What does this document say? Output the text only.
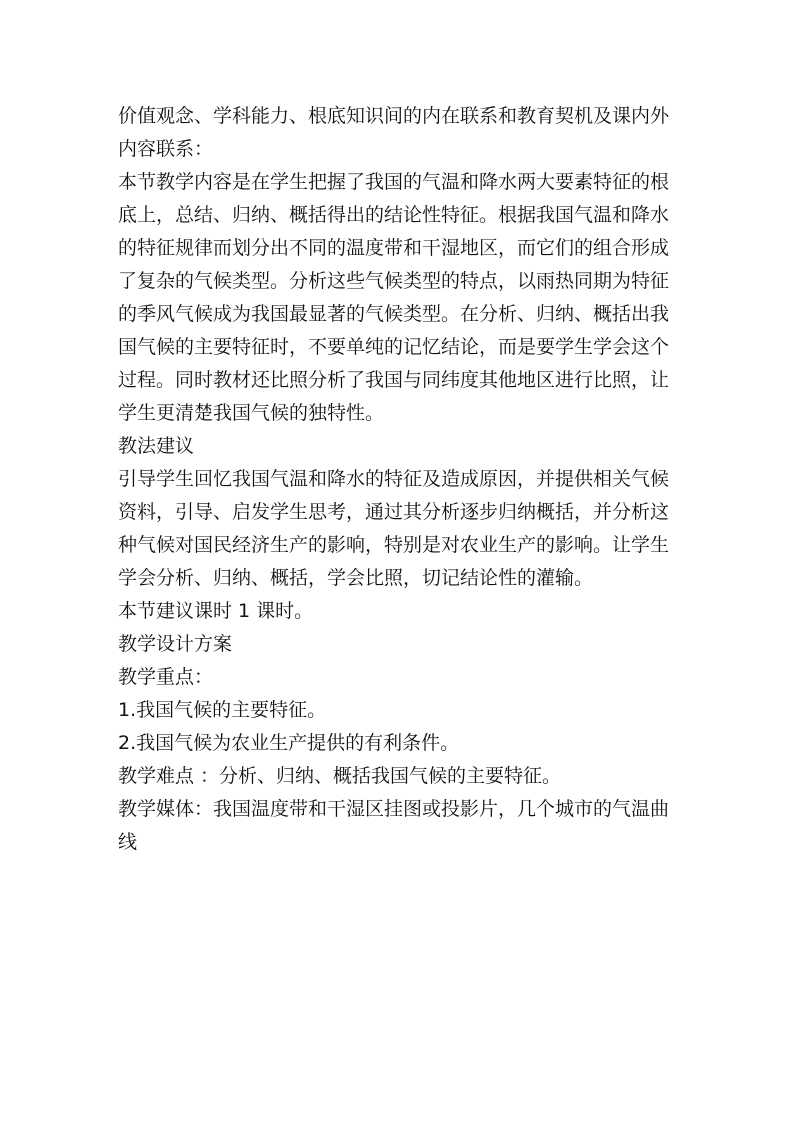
价值观念、学科能力、根底知识间的内在联系和教育契机及课内外内容联系：

本节教学内容是在学生把握了我国的气温和降水两大要素特征的根底上，总结、归纳、概括得出的结论性特征。根据我国气温和降水的特征规律而划分出不同的温度带和干湿地区，而它们的组合形成了复杂的气候类型。分析这些气候类型的特点，以雨热同期为特征的季风气候成为我国最显著的气候类型。在分析、归纳、概括出我国气候的主要特征时，不要单纯的记忆结论，而是要学生学会这个过程。同时教材还比照分析了我国与同纬度其他地区进行比照，让学生更清楚我国气候的独特性。

教法建议

引导学生回忆我国气温和降水的特征及造成原因，并提供相关气候资料，引导、启发学生思考，通过其分析逐步归纳概括，并分析这种气候对国民经济生产的影响，特别是对农业生产的影响。让学生学会分析、归纳、概括，学会比照，切记结论性的灌输。

本节建议课时 1 课时。

教学设计方案

教学重点：

1.我国气候的主要特征。

2.我国气候为农业生产提供的有利条件。

教学难点 ：分析、归纳、概括我国气候的主要特征。

教学媒体：我国温度带和干湿区挂图或投影片，几个城市的气温曲线
